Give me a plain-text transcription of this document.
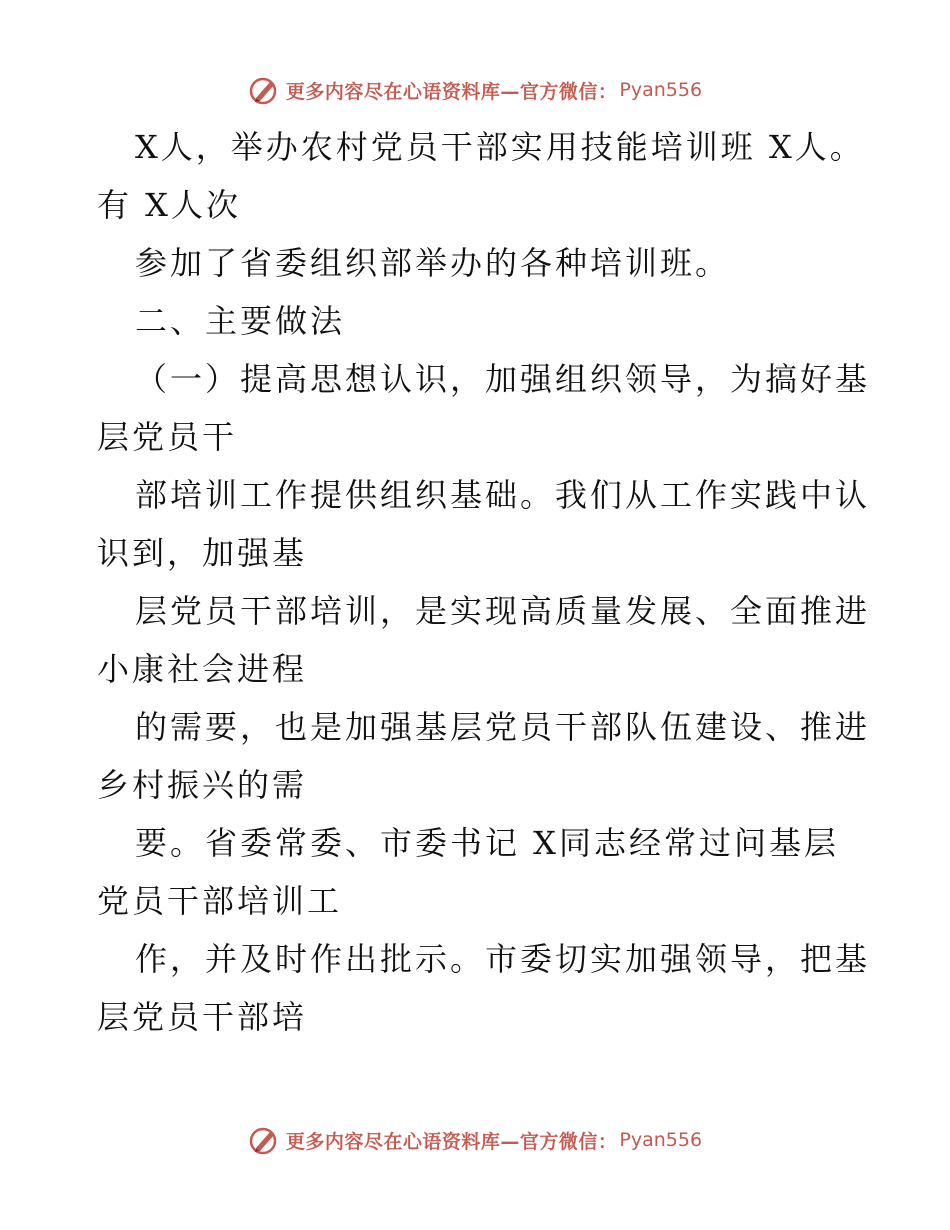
更多内容尽在心语资料库—官方微信： Pyan556
X人，举办农村党员干部实用技能培训班 X人。
有 X人次
参加了省委组织部举办的各种培训班。
二、主要做法
（一）提高思想认识，加强组织领导，为搞好基
层党员干
部培训工作提供组织基础。我们从工作实践中认
识到，加强基
层党员干部培训，是实现高质量发展、全面推进
小康社会进程
的需要，也是加强基层党员干部队伍建设、推进
乡村振兴的需
要。省委常委、市委书记 X同志经常过问基层
党员干部培训工
作，并及时作出批示。市委切实加强领导，把基
层党员干部培
更多内容尽在心语资料库—官方微信： Pyan556
